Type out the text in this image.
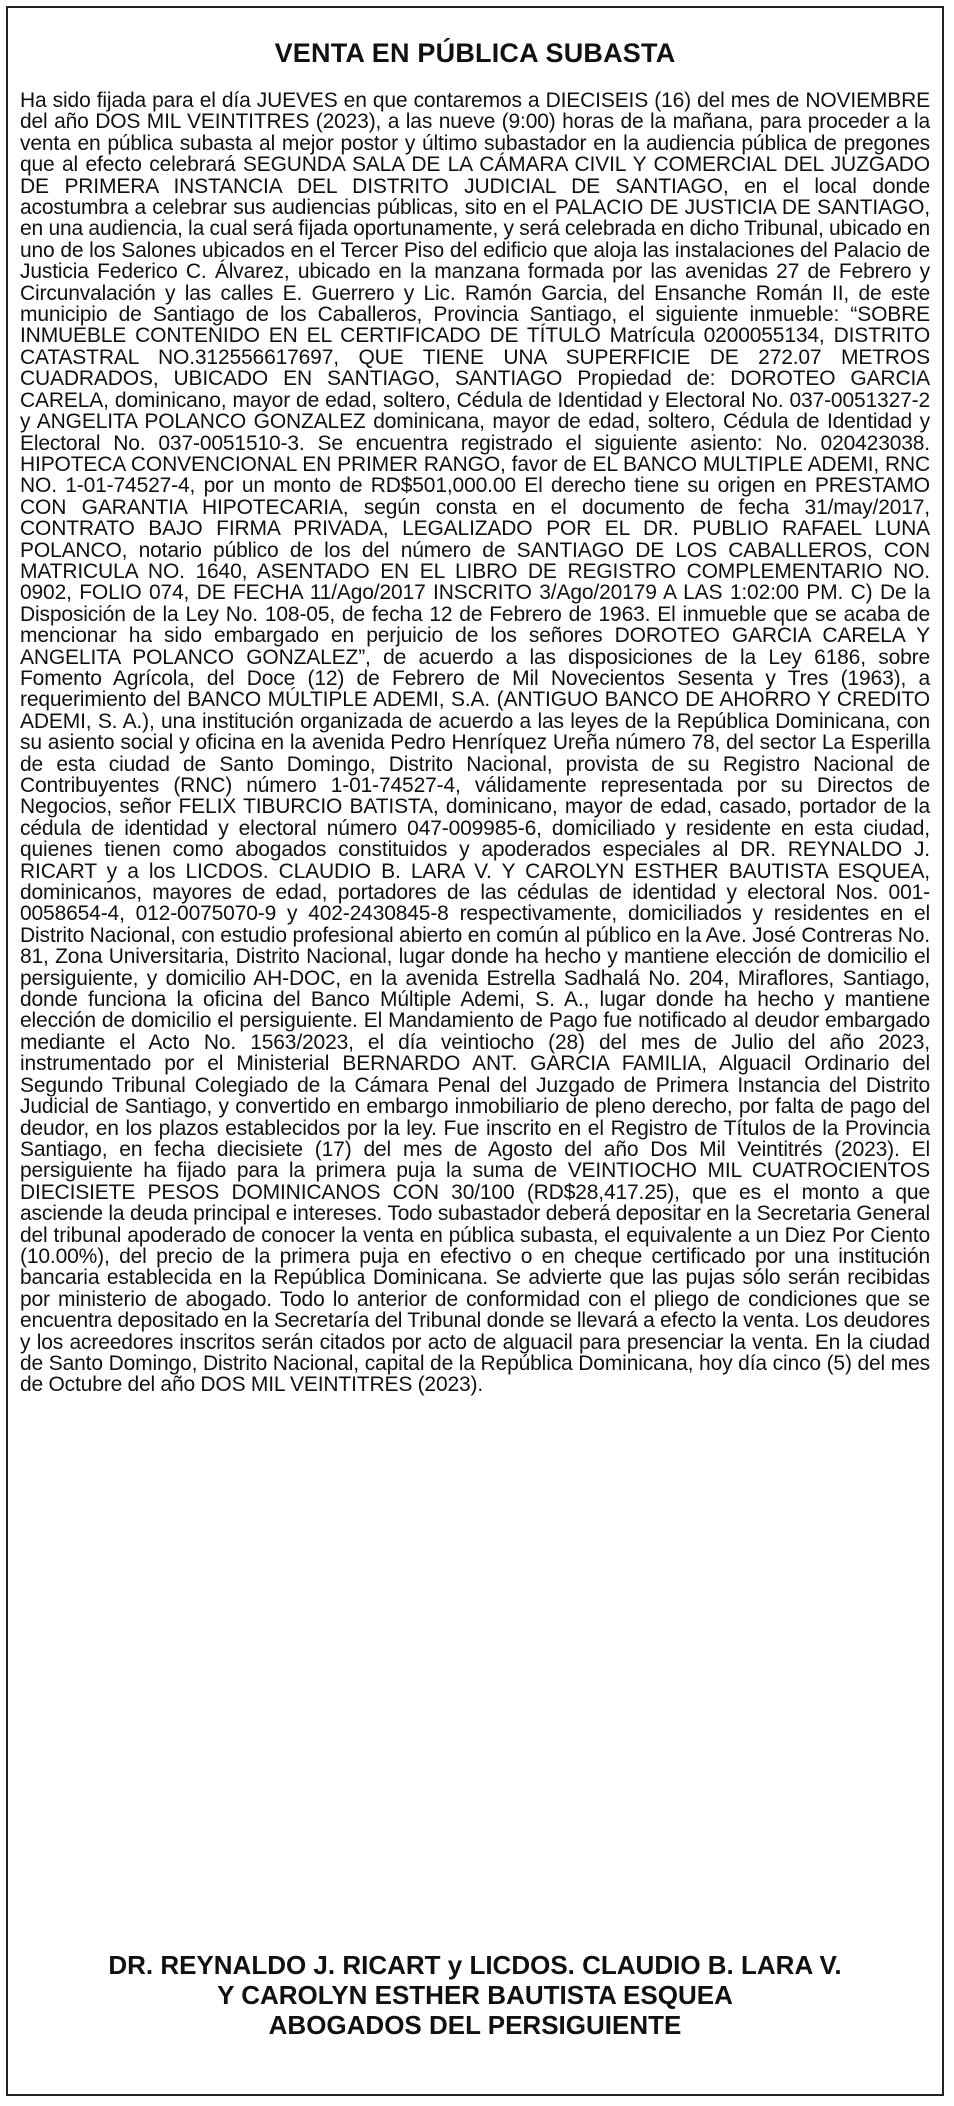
VENTA EN PÚBLICA SUBASTA
Ha sido fijada para el día JUEVES en que contaremos a DIECISEIS (16) del mes de NOVIEMBRE del año DOS MIL VEINTITRES (2023), a las nueve (9:00) horas de la mañana, para proceder a la venta en pública subasta al mejor postor y último subastador en la audiencia pública de pregones que al efecto celebrará SEGUNDA SALA DE LA CÁMARA CIVIL Y COMERCIAL DEL JUZGADO DE PRIMERA INSTANCIA DEL DISTRITO JUDICIAL DE SANTIAGO, en el local donde acostumbra a celebrar sus audiencias públicas, sito en el PALACIO DE JUSTICIA DE SANTIAGO, en una audiencia, la cual será fijada oportunamente, y será celebrada en dicho Tribunal, ubicado en uno de los Salones ubicados en el Tercer Piso del edificio que aloja las instalaciones del Palacio de Justicia Federico C. Álvarez, ubicado en la manzana formada por las avenidas 27 de Febrero y Circunvalación y las calles E. Guerrero y Lic. Ramón Garcia, del Ensanche Román II, de este municipio de Santiago de los Caballeros, Provincia Santiago, el siguiente inmueble: “SOBRE INMUEBLE CONTENIDO EN EL CERTIFICADO DE TÍTULO Matrícula 0200055134, DISTRITO CATASTRAL NO.312556617697, QUE TIENE UNA SUPERFICIE DE 272.07 METROS CUADRADOS, UBICADO EN SANTIAGO, SANTIAGO Propiedad de: DOROTEO GARCIA CARELA, dominicano, mayor de edad, soltero, Cédula de Identidad y Electoral No. 037-0051327-2 y ANGELITA POLANCO GONZALEZ dominicana, mayor de edad, soltero, Cédula de Identidad y Electoral No. 037-0051510-3. Se encuentra registrado el siguiente asiento: No. 020423038. HIPOTECA CONVENCIONAL EN PRIMER RANGO, favor de EL BANCO MULTIPLE ADEMI, RNC NO. 1-01-74527-4, por un monto de RD$501,000.00 El derecho tiene su origen en PRESTAMO CON GARANTIA HIPOTECARIA, según consta en el documento de fecha 31/may/2017, CONTRATO BAJO FIRMA PRIVADA, LEGALIZADO POR EL DR. PUBLIO RAFAEL LUNA POLANCO, notario público de los del número de SANTIAGO DE LOS CABALLEROS, CON MATRICULA NO. 1640, ASENTADO EN EL LIBRO DE REGISTRO COMPLEMENTARIO NO. 0902, FOLIO 074, DE FECHA 11/Ago/2017 INSCRITO 3/Ago/20179 A LAS 1:02:00 PM. C) De la Disposición de la Ley No. 108-05, de fecha 12 de Febrero de 1963. El inmueble que se acaba de mencionar ha sido embargado en perjuicio de los señores DOROTEO GARCIA CARELA Y ANGELITA POLANCO GONZALEZ”, de acuerdo a las disposiciones de la Ley 6186, sobre Fomento Agrícola, del Doce (12) de Febrero de Mil Novecientos Sesenta y Tres (1963), a requerimiento del BANCO MÚLTIPLE ADEMI, S.A. (ANTIGUO BANCO DE AHORRO Y CREDITO ADEMI, S. A.), una institución organizada de acuerdo a las leyes de la República Dominicana, con su asiento social y oficina en la avenida Pedro Henríquez Ureña número 78, del sector La Esperilla de esta ciudad de Santo Domingo, Distrito Nacional, provista de su Registro Nacional de Contribuyentes (RNC) número 1-01-74527-4, válidamente representada por su Directos de Negocios, señor FELIX TIBURCIO BATISTA, dominicano, mayor de edad, casado, portador de la cédula de identidad y electoral número 047-009985-6, domiciliado y residente en esta ciudad, quienes tienen como abogados constituidos y apoderados especiales al DR. REYNALDO J. RICART y a los LICDOS. CLAUDIO B. LARA V. Y CAROLYN ESTHER BAUTISTA ESQUEA, dominicanos, mayores de edad, portadores de las cédulas de identidad y electoral Nos. 001-0058654-4, 012-0075070-9 y 402-2430845-8 respectivamente, domiciliados y residentes en el Distrito Nacional, con estudio profesional abierto en común al público en la Ave. José Contreras No. 81, Zona Universitaria, Distrito Nacional, lugar donde ha hecho y mantiene elección de domicilio el persiguiente, y domicilio AH-DOC, en la avenida Estrella Sadhalá No. 204, Miraflores, Santiago, donde funciona la oficina del Banco Múltiple Ademi, S. A., lugar donde ha hecho y mantiene elección de domicilio el persiguiente. El Mandamiento de Pago fue notificado al deudor embargado mediante el Acto No. 1563/2023, el día veintiocho (28) del mes de Julio del año 2023, instrumentado por el Ministerial BERNARDO ANT. GARCIA FAMILIA, Alguacil Ordinario del Segundo Tribunal Colegiado de la Cámara Penal del Juzgado de Primera Instancia del Distrito Judicial de Santiago, y convertido en embargo inmobiliario de pleno derecho, por falta de pago del deudor, en los plazos establecidos por la ley. Fue inscrito en el Registro de Títulos de la Provincia Santiago, en fecha diecisiete (17) del mes de Agosto del año Dos Mil Veintitrés (2023). El persiguiente ha fijado para la primera puja la suma de VEINTIOCHO MIL CUATROCIENTOS DIECISIETE PESOS DOMINICANOS CON 30/100 (RD$28,417.25), que es el monto a que asciende la deuda principal e intereses. Todo subastador deberá depositar en la Secretaria General del tribunal apoderado de conocer la venta en pública subasta, el equivalente a un Diez Por Ciento (10.00%), del precio de la primera puja en efectivo o en cheque certificado por una institución bancaria establecida en la República Dominicana. Se advierte que las pujas sólo serán recibidas por ministerio de abogado. Todo lo anterior de conformidad con el pliego de condiciones que se encuentra depositado en la Secretaría del Tribunal donde se llevará a efecto la venta. Los deudores y los acreedores inscritos serán citados por acto de alguacil para presenciar la venta. En la ciudad de Santo Domingo, Distrito Nacional, capital de la República Dominicana, hoy día cinco (5) del mes de Octubre del año DOS MIL VEINTITRES (2023).
DR. REYNALDO J. RICART y LICDOS. CLAUDIO B. LARA V.
Y CAROLYN ESTHER BAUTISTA ESQUEA
ABOGADOS DEL PERSIGUIENTE
